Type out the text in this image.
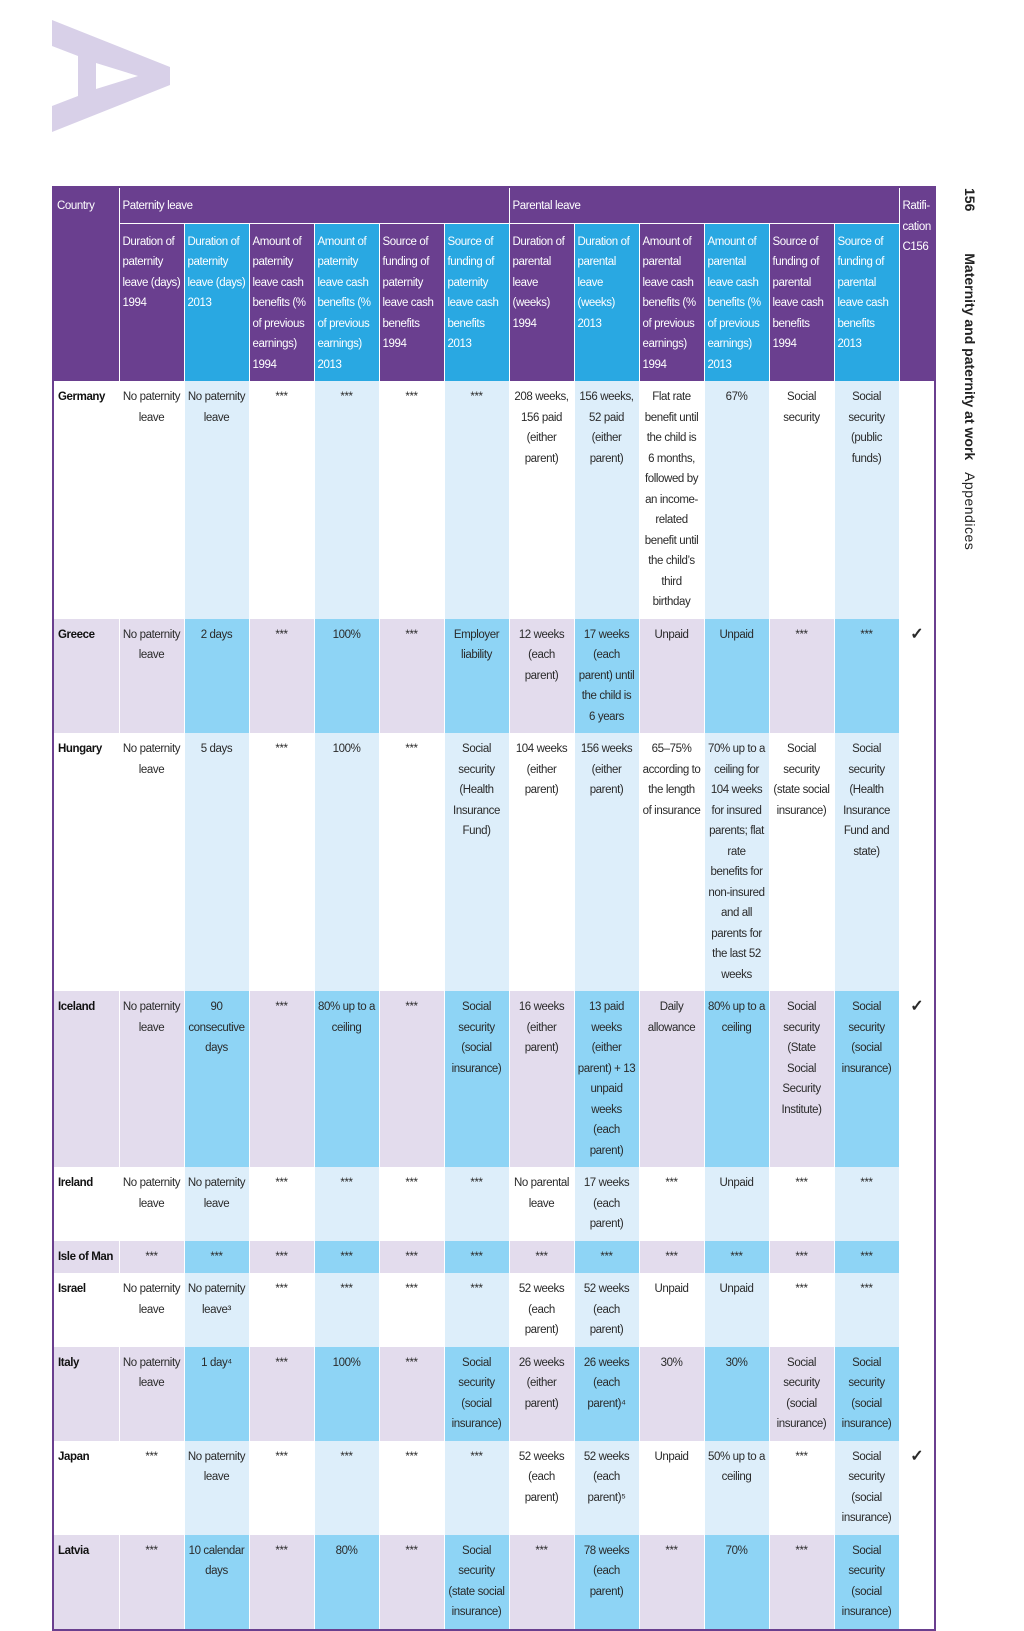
156 Maternity and paternity at work Appendices
Country	Paternity leave						Parental leave						Ratifi-cation C156
	Duration of paternity leave (days) 1994	Duration of paternity leave (days) 2013	Amount of paternity leave cash benefits (% of previous earnings) 1994	Amount of paternity leave cash benefits (% of previous earnings) 2013	Source of funding of paternity leave cash benefits 1994	Source of funding of paternity leave cash benefits 2013	Duration of parental leave (weeks) 1994	Duration of parental leave (weeks) 2013	Amount of parental leave cash benefits (% of previous earnings) 1994	Amount of parental leave cash benefits (% of previous earnings) 2013	Source of funding of parental leave cash benefits 1994	Source of funding of parental leave cash benefits 2013	
Germany	No paternity leave	No paternity leave	***	***	***	***	208 weeks, 156 paid (either parent)	156 weeks, 52 paid (either parent)	Flat rate benefit until the child is 6 months, followed by an income-related benefit until the child’s third birthday	67%	Social security	Social security (public funds)	
Greece	No paternity leave	2 days	***	100%	***	Employer liability	12 weeks (each parent)	17 weeks (each parent) until the child is 6 years	Unpaid	Unpaid	***	***	✓
Hungary	No paternity leave	5 days	***	100%	***	Social security (Health Insurance Fund)	104 weeks (either parent)	156 weeks (either parent)	65–75% according to the length of insurance	70% up to a ceiling for 104 weeks for insured parents; flat rate benefits for non-insured and all parents for the last 52 weeks	Social security (state social insurance)	Social security (Health Insurance Fund and state)	
Iceland	No paternity leave	90 consecutive days	***	80% up to a ceiling	***	Social security (social insurance)	16 weeks (either parent)	13 paid weeks (either parent) + 13 unpaid weeks (each parent)	Daily allowance	80% up to a ceiling	Social security (State Social Security Institute)	Social security (social insurance)	✓
Ireland	No paternity leave	No paternity leave	***	***	***	***	No parental leave	17 weeks (each parent)	***	Unpaid	***	***	
Isle of Man	***	***	***	***	***	***	***	***	***	***	***	***	
Israel	No paternity leave	No paternity leave³	***	***	***	***	52 weeks (each parent)	52 weeks (each parent)	Unpaid	Unpaid	***	***	
Italy	No paternity leave	1 day⁴	***	100%	***	Social security (social insurance)	26 weeks (either parent)	26 weeks (each parent)⁴	30%	30%	Social security (social insurance)	Social security (social insurance)	
Japan	***	No paternity leave	***	***	***	***	52 weeks (each parent)	52 weeks (each parent)⁵	Unpaid	50% up to a ceiling	***	Social security (social insurance)	✓
Latvia	***	10 calendar days	***	80%	***	Social security (state social insurance)	***	78 weeks (each parent)	***	70%	***	Social security (social insurance)	
